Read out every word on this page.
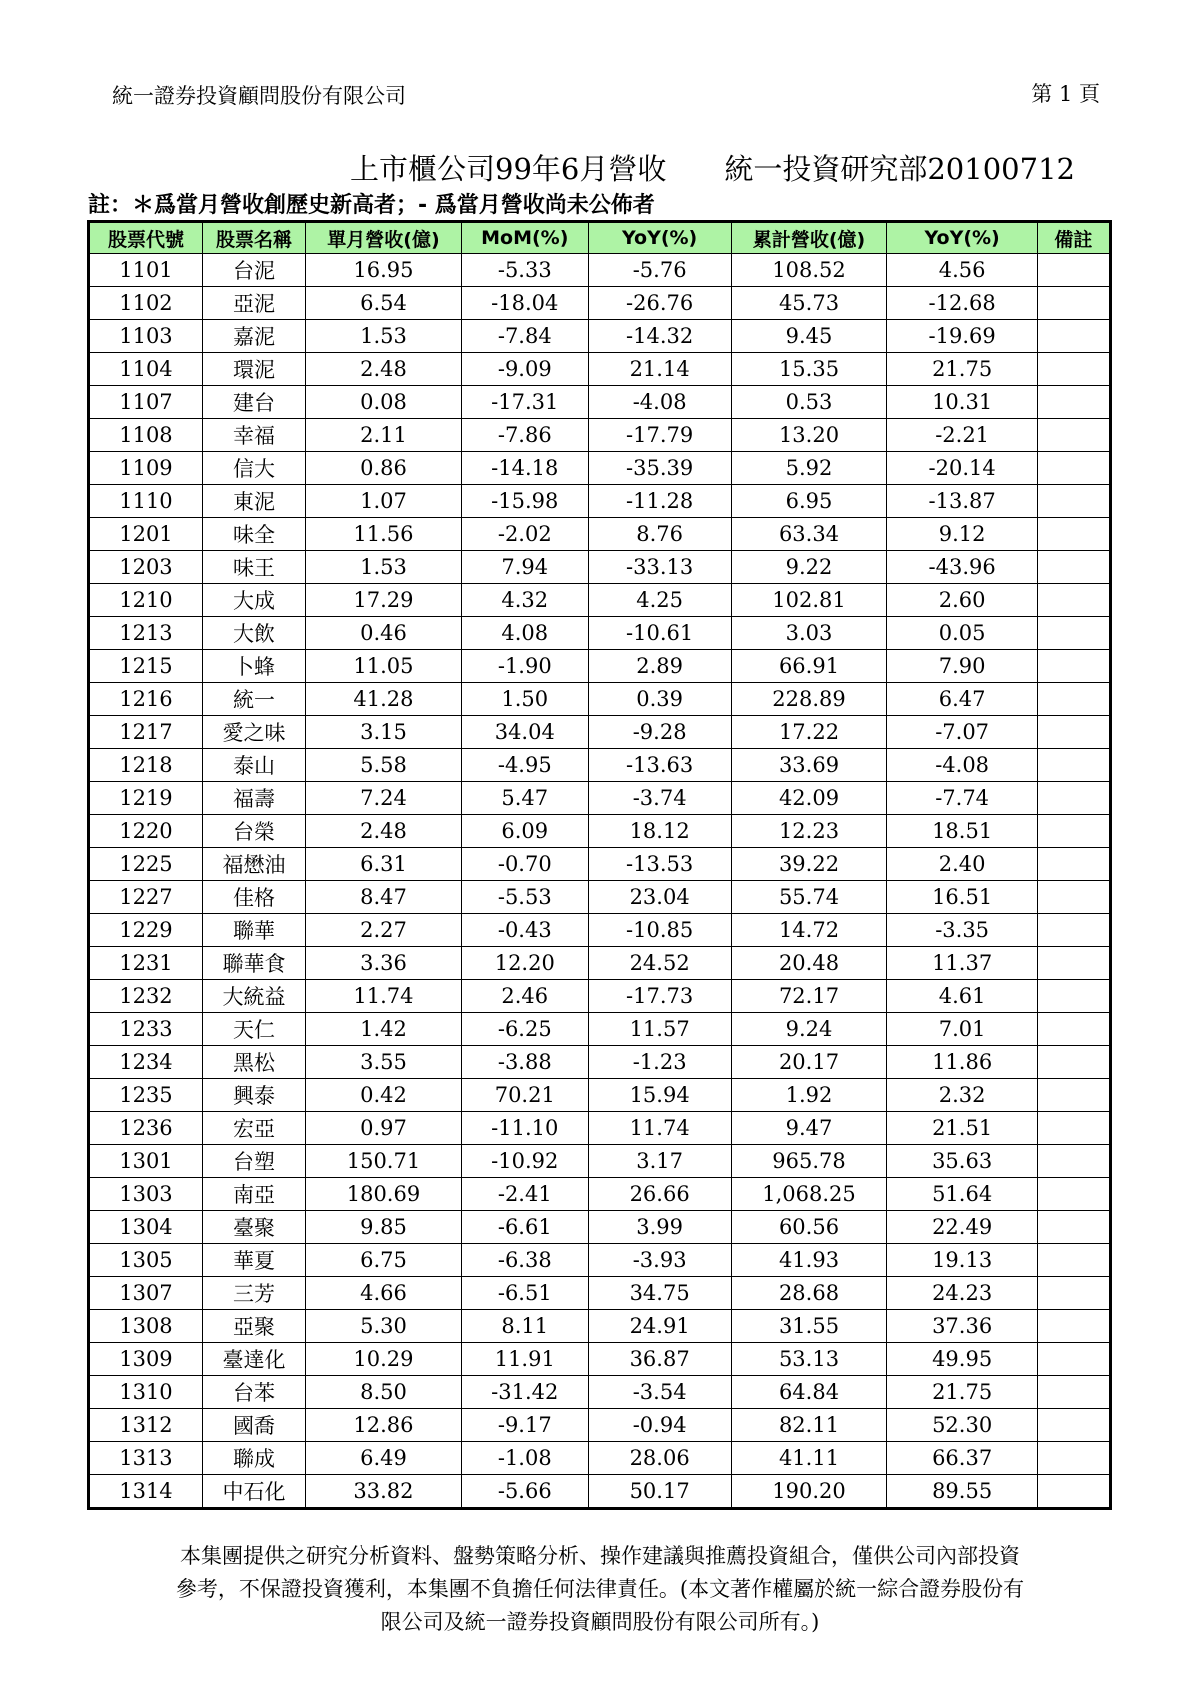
統一證券投資顧問股份有限公司	第 1 頁
上市櫃公司99年6月營收 統一投資研究部20100712
註：＊爲當月營收創歷史新高者；- 爲當月營收尚未公佈者
股票代號	股票名稱	單月營收(億)	MoM(%)	YoY(%)	累計營收(億)	YoY(%)	備註
1101	台泥	16.95	-5.33	-5.76	108.52	4.56	
1102	亞泥	6.54	-18.04	-26.76	45.73	-12.68	
1103	嘉泥	1.53	-7.84	-14.32	9.45	-19.69	
1104	環泥	2.48	-9.09	21.14	15.35	21.75	
1107	建台	0.08	-17.31	-4.08	0.53	10.31	
1108	幸福	2.11	-7.86	-17.79	13.20	-2.21	
1109	信大	0.86	-14.18	-35.39	5.92	-20.14	
1110	東泥	1.07	-15.98	-11.28	6.95	-13.87	
1201	味全	11.56	-2.02	8.76	63.34	9.12	
1203	味王	1.53	7.94	-33.13	9.22	-43.96	
1210	大成	17.29	4.32	4.25	102.81	2.60	
1213	大飲	0.46	4.08	-10.61	3.03	0.05	
1215	卜蜂	11.05	-1.90	2.89	66.91	7.90	
1216	統一	41.28	1.50	0.39	228.89	6.47	
1217	愛之味	3.15	34.04	-9.28	17.22	-7.07	
1218	泰山	5.58	-4.95	-13.63	33.69	-4.08	
1219	福壽	7.24	5.47	-3.74	42.09	-7.74	
1220	台榮	2.48	6.09	18.12	12.23	18.51	
1225	福懋油	6.31	-0.70	-13.53	39.22	2.40	
1227	佳格	8.47	-5.53	23.04	55.74	16.51	
1229	聯華	2.27	-0.43	-10.85	14.72	-3.35	
1231	聯華食	3.36	12.20	24.52	20.48	11.37	
1232	大統益	11.74	2.46	-17.73	72.17	4.61	
1233	天仁	1.42	-6.25	11.57	9.24	7.01	
1234	黑松	3.55	-3.88	-1.23	20.17	11.86	
1235	興泰	0.42	70.21	15.94	1.92	2.32	
1236	宏亞	0.97	-11.10	11.74	9.47	21.51	
1301	台塑	150.71	-10.92	3.17	965.78	35.63	
1303	南亞	180.69	-2.41	26.66	1,068.25	51.64	
1304	臺聚	9.85	-6.61	3.99	60.56	22.49	
1305	華夏	6.75	-6.38	-3.93	41.93	19.13	
1307	三芳	4.66	-6.51	34.75	28.68	24.23	
1308	亞聚	5.30	8.11	24.91	31.55	37.36	
1309	臺達化	10.29	11.91	36.87	53.13	49.95	
1310	台苯	8.50	-31.42	-3.54	64.84	21.75	
1312	國喬	12.86	-9.17	-0.94	82.11	52.30	
1313	聯成	6.49	-1.08	28.06	41.11	66.37	
1314	中石化	33.82	-5.66	50.17	190.20	89.55	
本集團提供之研究分析資料、盤勢策略分析、操作建議與推薦投資組合，僅供公司內部投資
參考，不保證投資獲利，本集團不負擔任何法律責任。(本文著作權屬於統一綜合證券股份有
限公司及統一證券投資顧問股份有限公司所有。)
